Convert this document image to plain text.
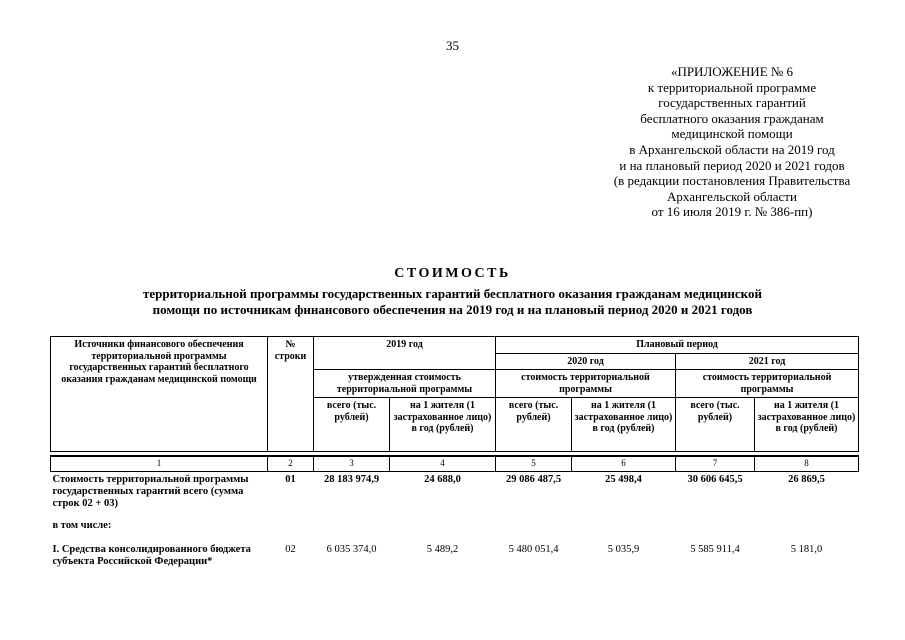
35
«ПРИЛОЖЕНИЕ № 6
к территориальной программе
государственных гарантий
бесплатного оказания гражданам
медицинской помощи
в Архангельской области на 2019 год
и на плановый период 2020 и 2021 годов
(в редакции постановления Правительства
Архангельской области
от 16 июля 2019 г. № 386-пп)
СТОИМОСТЬ
территориальной программы государственных гарантий бесплатного оказания гражданам медицинской
помощи по источникам финансового обеспечения на 2019 год и на плановый период 2020 и 2021 годов
Источники финансового обеспечения территориальной программы государственных гарантий бесплатного оказания гражданам медицинской помощи	№ строки	2019 год		Плановый период			
				2020 год		2021 год	
		утвержденная стоимость территориальной программы		стоимость территориальной программы		стоимость территориальной программы	
		всего (тыс. рублей)	на 1 жителя (1 застрахованное лицо) в год (рублей)	всего (тыс. рублей)	на 1 жителя (1 застрахованное лицо) в год (рублей)	всего (тыс. рублей)	на 1 жителя (1 застрахованное лицо) в год (рублей)

1	2	3	4	5	6	7	8
Стоимость территориальной программы государственных гарантий всего (сумма строк 02 + 03)	01	28 183 974,9	24 688,0	29 086 487,5	25 498,4	30 606 645,5	26 869,5
в том числе:							
I. Средства консолидированного бюджета субъекта Российской Федерации*	02	6 035 374,0	5 489,2	5 480 051,4	5 035,9	5 585 911,4	5 181,0
